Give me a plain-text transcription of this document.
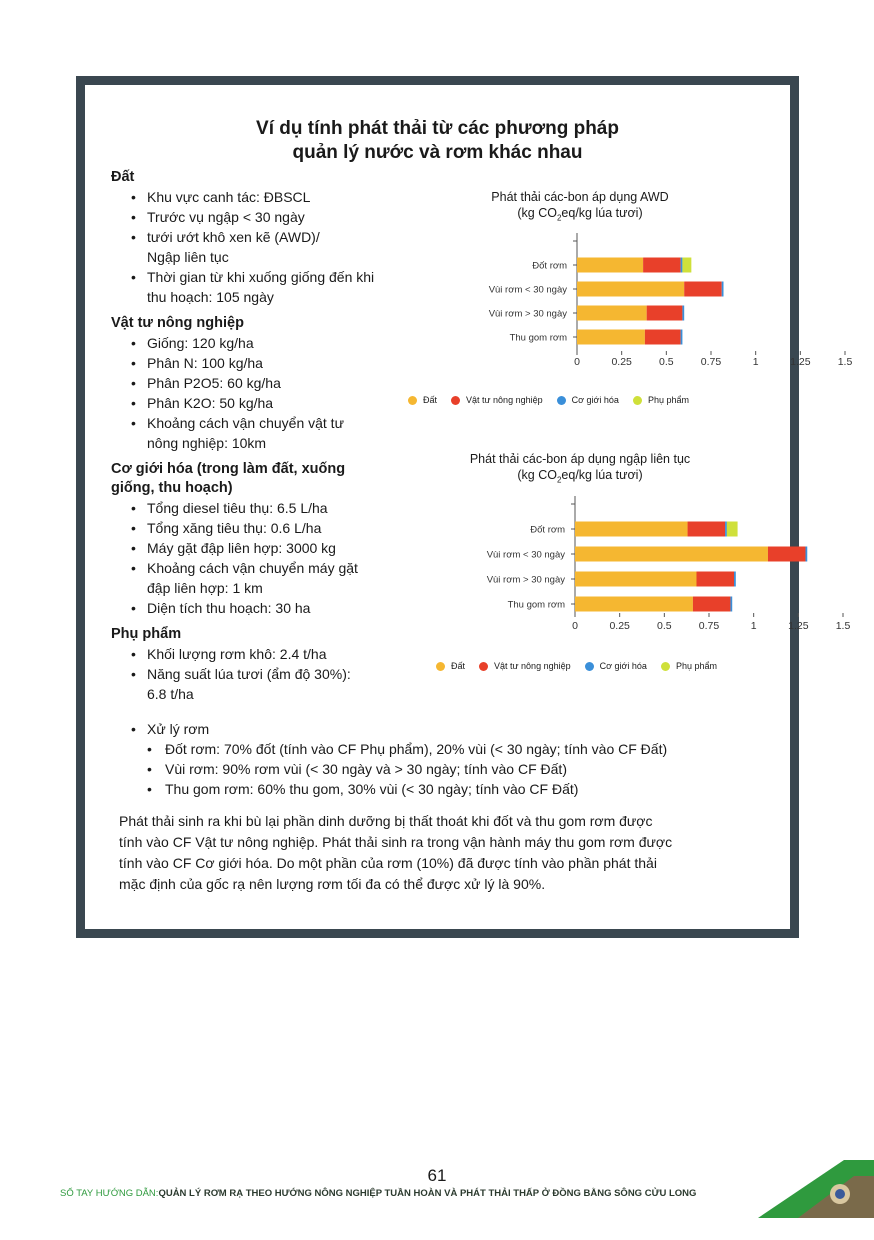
Ví dụ tính phát thải từ các phương pháp
quản lý nước và rơm khác nhau
Đất
• Khu vực canh tác: ĐBSCL
• Trước vụ ngập < 30 ngày
• tưới ướt khô xen kẽ (AWD)/
Ngập liên tục
• Thời gian từ khi xuống giống đến khi
thu hoạch: 105 ngày
Vật tư nông nghiệp
• Giống: 120 kg/ha
• Phân N: 100 kg/ha
• Phân P2O5: 60 kg/ha
• Phân K2O: 50 kg/ha
• Khoảng cách vận chuyển vật tư
nông nghiệp: 10km
Cơ giới hóa (trong làm đất, xuống
giống, thu hoạch)
• Tổng diesel tiêu thụ: 6.5 L/ha
• Tổng xăng tiêu thụ: 0.6 L/ha
• Máy gặt đập liên hợp: 3000 kg
• Khoảng cách vận chuyển máy gặt
đập liên hợp: 1 km
• Diện tích thu hoạch: 30 ha
Phụ phẩm
• Khối lượng rơm khô: 2.4 t/ha
• Năng suất lúa tươi (ẩm độ 30%):
6.8 t/ha
Phát thải các-bon áp dụng AWD
(kg $CO_2eq/kg$ lúa tươi)
0	0.25	0.5	0.75	1	1.25	1.5
Đốt rơm
Vùi rơm < 30 ngày
Vùi rơm > 30 ngày
Thu gom rơm
Đất	Vật tư nông nghiệp	Cơ giới hóa	Phụ phẩm
Phát thải các-bon áp dụng ngập liên tục
(kg $CO_2eq/kg$ lúa tươi)
0	0.25	0.5	0.75	1	1.25	1.5
Đốt rơm
Vùi rơm < 30 ngày
Vùi rơm > 30 ngày
Thu gom rơm
Đất	Vật tư nông nghiệp	Cơ giới hóa	Phụ phẩm
• Xử lý rơm
• Đốt rơm: 70% đốt (tính vào CF Phụ phẩm), 20% vùi (< 30 ngày; tính vào CF Đất)
• Vùi rơm: 90% rơm vùi (< 30 ngày và > 30 ngày; tính vào CF Đất)
• Thu gom rơm: 60% thu gom, 30% vùi (< 30 ngày; tính vào CF Đất)
Phát thải sinh ra khi bù lại phần dinh dưỡng bị thất thoát khi đốt và thu gom rơm được
tính vào CF Vật tư nông nghiệp. Phát thải sinh ra trong vận hành máy thu gom rơm được
tính vào CF Cơ giới hóa. Do một phần của rơm (10%) đã được tính vào phần phát thải
mặc định của gốc rạ nên lượng rơm tối đa có thể được xử lý là 90%.
61
SỔ TAY HƯỚNG DẪN:QUẢN LÝ RƠM RẠ THEO HƯỚNG NÔNG NGHIỆP TUẦN HOÀN VÀ PHÁT THẢI THẤP Ở ĐỒNG BẰNG SÔNG CỬU LONG
